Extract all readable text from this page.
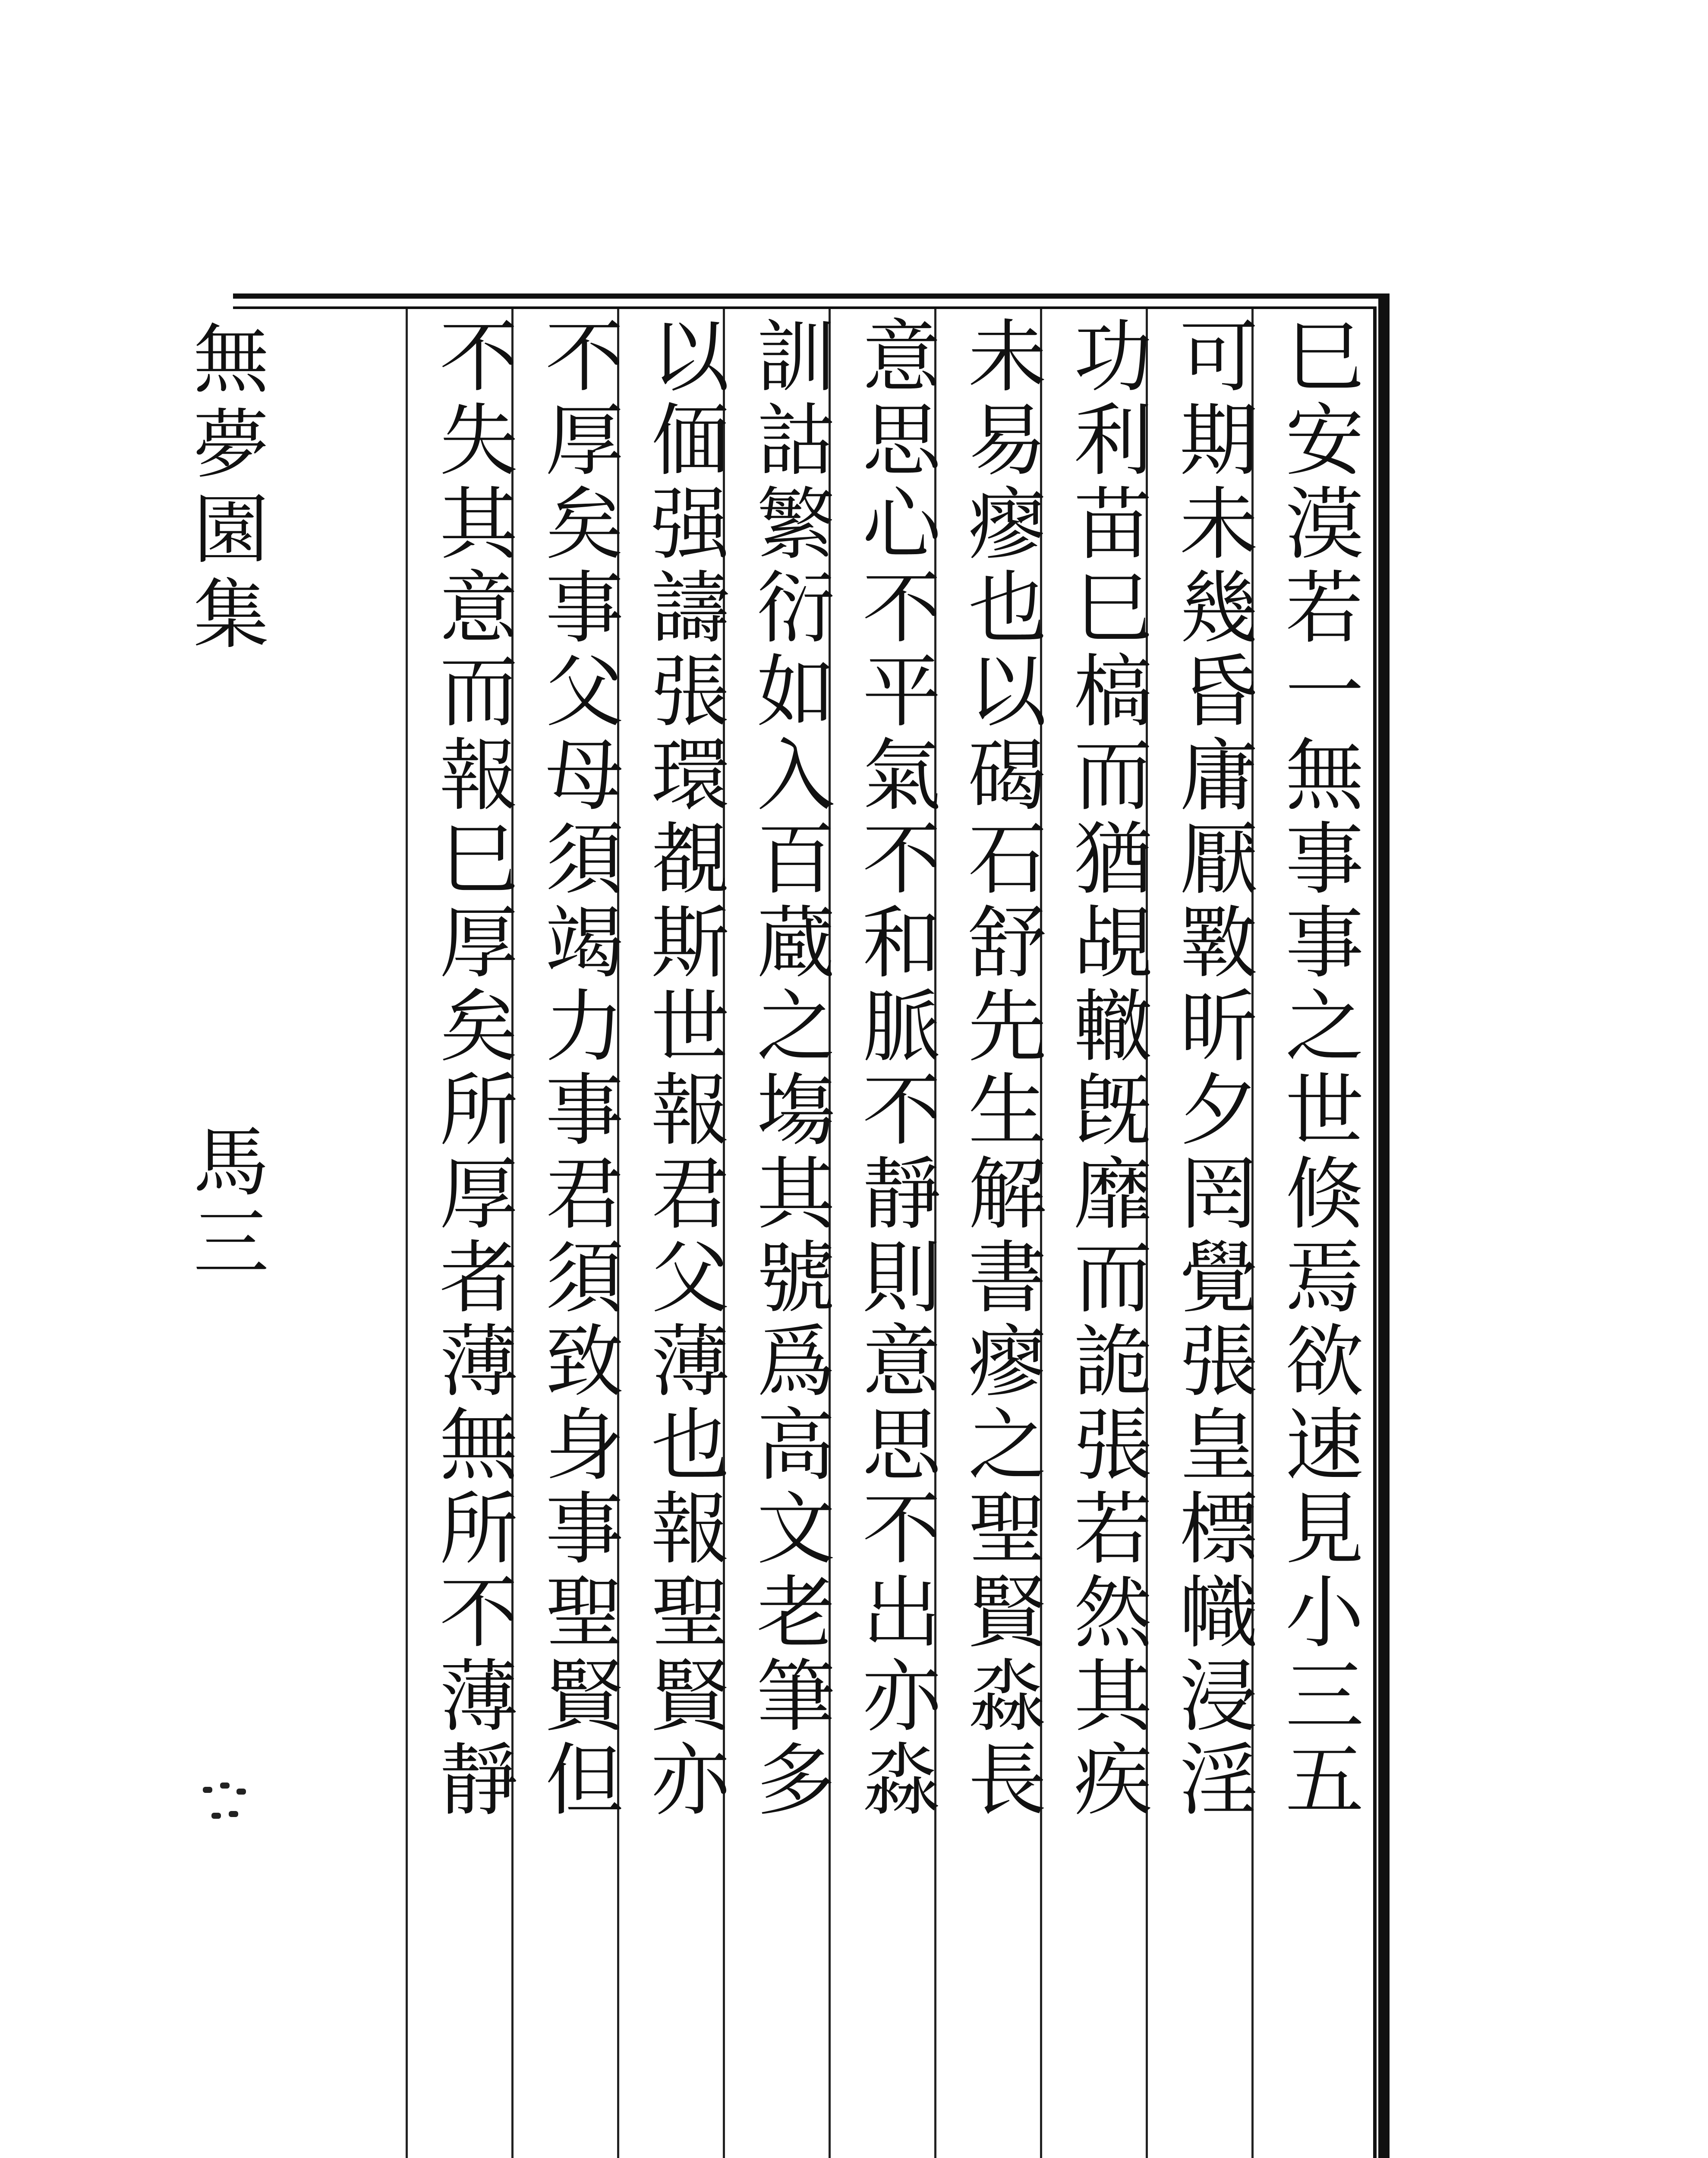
巳安漠若一無事事之世倏焉欲速見小三五
可期未幾昏庸厭斁昕夕罔覺張皇標幟浸淫
功利苗巳槁而猶覘轍旣靡而詭張若然其疾
未易瘳也以碣石舒先生解書瘳之聖賢淼長
意思心不平氣不和脈不靜則意思不出亦淼
訓詁繁衍如入百蔵之塲其號爲高文老筆多
以偭强譸張環覩斯世報君父薄也報聖賢亦
不厚矣事父母須竭力事君須致身事聖賢但
不失其意而報巳厚矣所厚者薄無所不薄靜
無夢園集
馬三
